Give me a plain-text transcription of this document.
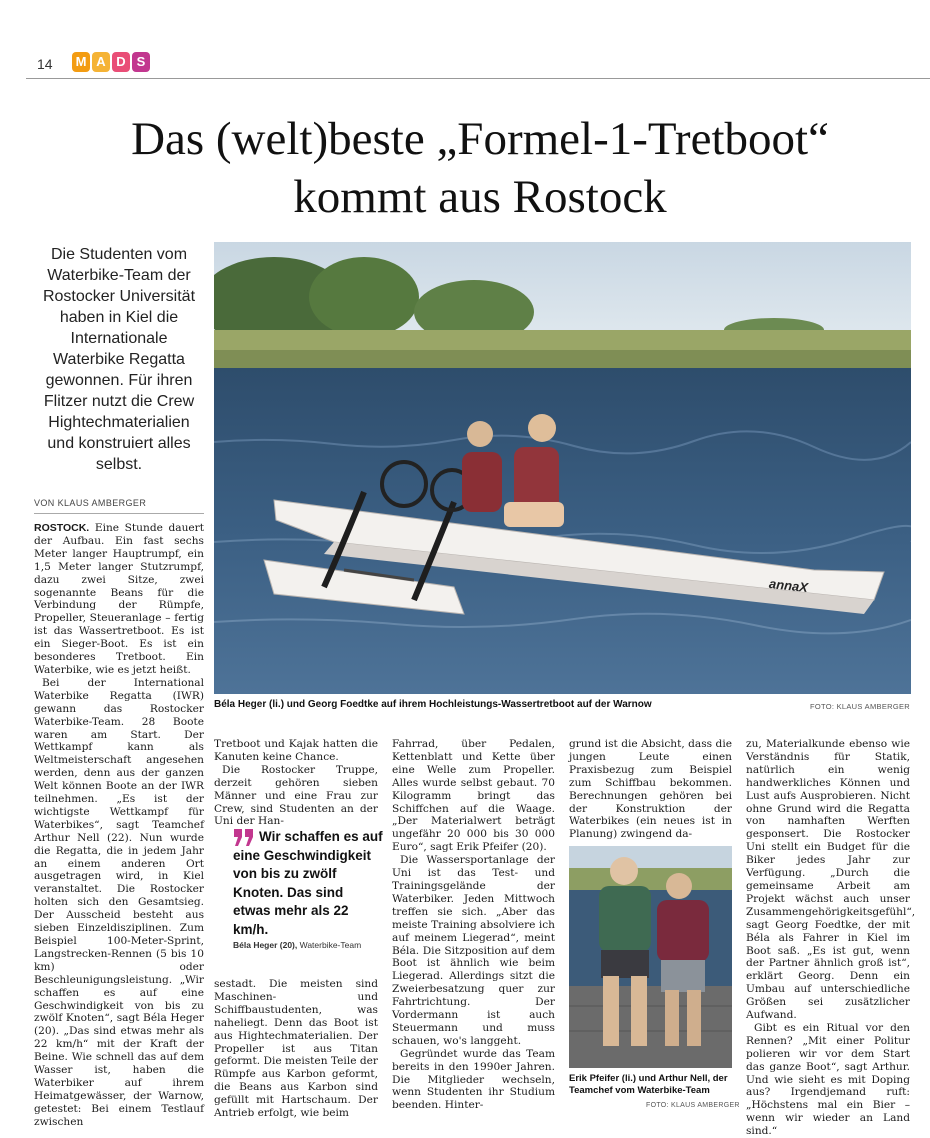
14 M A D S
Das (welt)beste „Formel-1-Tretboot“
kommt aus Rostock
Die Studenten vom Waterbike-Team der Rostocker Universität haben in Kiel die Internationale Waterbike Regatta gewonnen. Für ihren Flitzer nutzt die Crew Hightechmaterialien und konstruiert alles selbst.
VON KLAUS AMBERGER

ROSTOCK. Eine Stunde dauert der Aufbau. Ein fast sechs Meter langer Hauptrumpf, ein 1,5 Meter langer Stutzrumpf, dazu zwei Sitze, zwei sogenannte Beans für die Verbindung der Rümpfe, Propeller, Steueranlage – fertig ist das Wassertretboot. Es ist ein Sieger-Boot. Es ist ein besonderes Tretboot. Ein Waterbike, wie es jetzt heißt.

Bei der International Waterbike Regatta (IWR) gewann das Rostocker Waterbike-Team. 28 Boote waren am Start. Der Wettkampf kann als Weltmeisterschaft angesehen werden, denn aus der ganzen Welt können Boote an der IWR teilnehmen. „Es ist der wichtigste Wettkampf für Waterbikes“, sagt Teamchef Arthur Nell (22). Nun wurde die Regatta, die in jedem Jahr an einem anderen Ort ausgetragen wird, in Kiel veranstaltet. Die Rostocker holten sich den Gesamtsieg. Der Ausscheid besteht aus sieben Einzeldisziplinen. Zum Beispiel 100-Meter-Sprint, Langstrecken-Rennen (5 bis 10 km) oder Beschleunigungsleistung. „Wir schaffen es auf eine Geschwindigkeit von bis zu zwölf Knoten“, sagt Béla Heger (20). „Das sind etwas mehr als 22 km/h“ mit der Kraft der Beine. Wie schnell das auf dem Wasser ist, haben die Waterbiker auf ihrem Heimatgewässer, der Warnow, getestet: Bei einem Testlauf zwischen

annaX
Béla Heger (li.) und Georg Foedtke auf ihrem Hochleistungs-Wassertretboot auf der Warnow	FOTO: KLAUS AMBERGER

Tretboot und Kajak hatten die Kanuten keine Chance.

Die Rostocker Truppe, derzeit gehören sieben Männer und eine Frau zur Crew, sind Studenten an der Uni der Han-

Wir schaffen es auf eine Geschwindigkeit von bis zu zwölf Knoten. Das sind etwas mehr als 22 km/h.
Béla Heger (20), Waterbike-Team

sestadt. Die meisten sind Maschinen- und Schiffbaustudenten, was naheliegt. Denn das Boot ist aus Hightechmaterialien. Der Propeller ist aus Titan geformt. Die meisten Teile der Rümpfe aus Karbon geformt, die Beans aus Karbon sind gefüllt mit Hartschaum. Der Antrieb erfolgt, wie beim

Fahrrad, über Pedalen, Kettenblatt und Kette über eine Welle zum Propeller. Alles wurde selbst gebaut. 70 Kilogramm bringt das Schiffchen auf die Waage. „Der Materialwert beträgt ungefähr 20 000 bis 30 000 Euro“, sagt Erik Pfeifer (20).

Die Wassersportanlage der Uni ist das Test- und Trainingsgelände der Waterbiker. Jeden Mittwoch treffen sie sich. „Aber das meiste Training absolviere ich auf meinem Liegerad“, meint Béla. Die Sitzposition auf dem Boot ist ähnlich wie beim Liegerad. Allerdings sitzt die Zweierbesatzung quer zur Fahrtrichtung. Der Vordermann ist auch Steuermann und muss schauen, wo's langgeht.

Gegründet wurde das Team bereits in den 1990er Jahren. Die Mitglieder wechseln, wenn Studenten ihr Studium beenden. Hinter-

grund ist die Absicht, dass die jungen Leute einen Praxisbezug zum Beispiel zum Schiffbau bekommen. Berechnungen gehören bei der Konstruktion der Waterbikes (ein neues ist in Planung) zwingend da-

Erik Pfeifer (li.) und Arthur Nell, der Teamchef vom Waterbike-Team
FOTO: KLAUS AMBERGER

zu, Materialkunde ebenso wie Verständnis für Statik, natürlich ein wenig handwerkliches Können und Lust aufs Ausprobieren. Nicht ohne Grund wird die Regatta von namhaften Werften gesponsert. Die Rostocker Uni stellt ein Budget für die Biker jedes Jahr zur Verfügung. „Durch die gemeinsame Arbeit am Projekt wächst auch unser Zusammengehörigkeitsgefühl“, sagt Georg Foedtke, der mit Béla als Fahrer in Kiel im Boot saß. „Es ist gut, wenn der Partner ähnlich groß ist“, erklärt Georg. Denn ein Umbau auf unterschiedliche Größen sei zusätzlicher Aufwand.

Gibt es ein Ritual vor den Rennen? „Mit einer Politur polieren wir vor dem Start das ganze Boot“, sagt Arthur. Und wie sieht es mit Doping aus? Irgendjemand ruft: „Höchstens mal ein Bier – wenn wir wieder an Land sind.“
